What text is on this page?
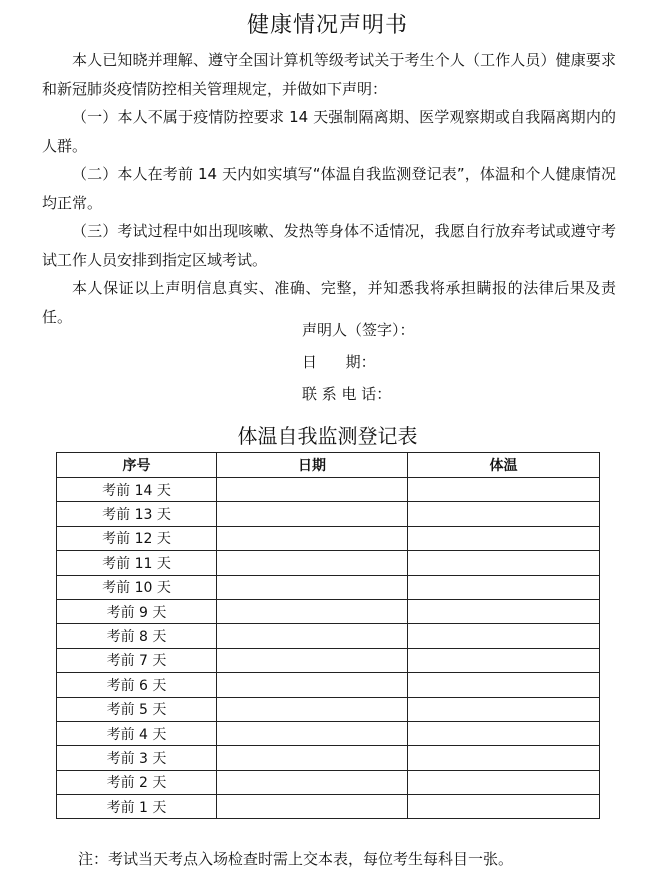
健康情况声明书

本人已知晓并理解、遵守全国计算机等级考试关于考生个人（工作人员）健康要求和新冠肺炎疫情防控相关管理规定，并做如下声明：

（一）本人不属于疫情防控要求 14 天强制隔离期、医学观察期或自我隔离期内的人群。

（二）本人在考前 14 天内如实填写“体温自我监测登记表”，体温和个人健康情况均正常。

（三）考试过程中如出现咳嗽、发热等身体不适情况，我愿自行放弃考试或遵守考试工作人员安排到指定区域考试。

本人保证以上声明信息真实、准确、完整，并知悉我将承担瞒报的法律后果及责任。

声明人（签字）：
日      期：
联 系 电 话：
体温自我监测登记表
序号	日期	体温
考前 14 天		
考前 13 天		
考前 12 天		
考前 11 天		
考前 10 天		
考前 9 天		
考前 8 天		
考前 7 天		
考前 6 天		
考前 5 天		
考前 4 天		
考前 3 天		
考前 2 天		
考前 1 天		
注：考试当天考点入场检查时需上交本表，每位考生每科目一张。
